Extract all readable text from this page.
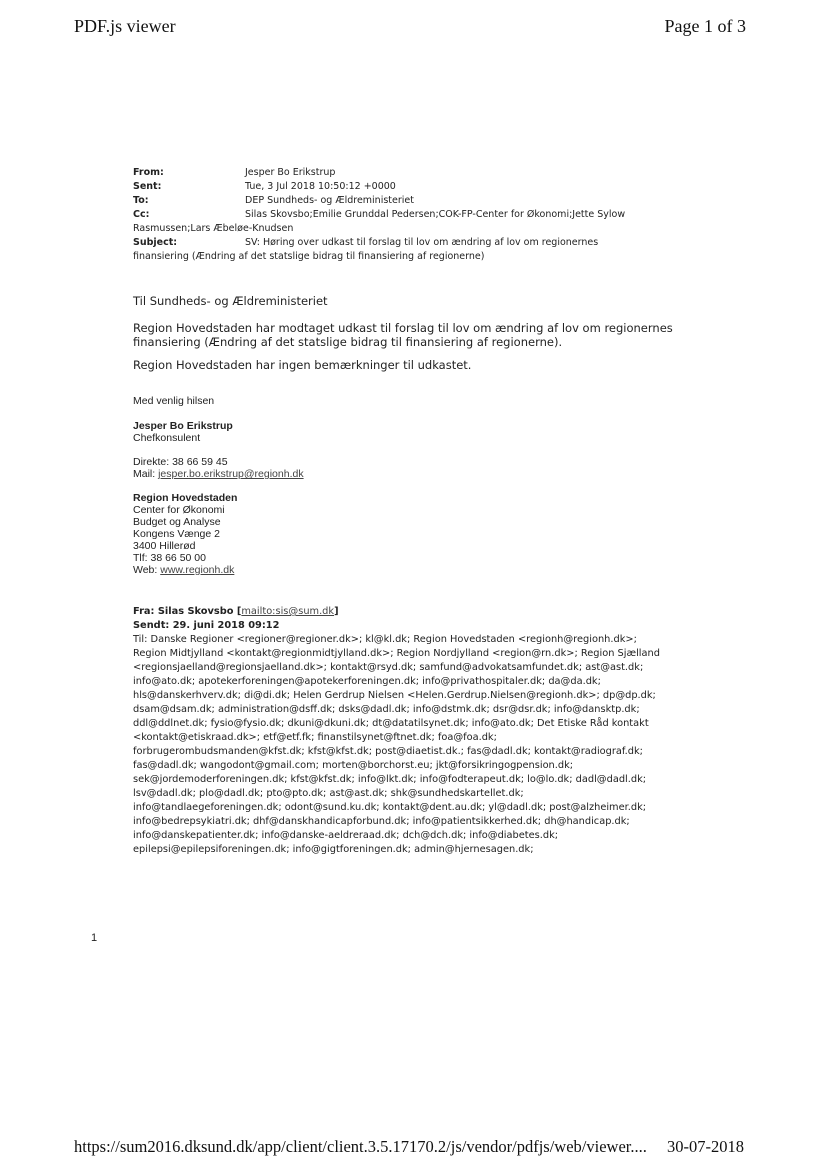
PDF.js viewer	Page 1 of 3
From:	Jesper Bo Erikstrup
Sent:	Tue, 3 Jul 2018 10:50:12 +0000
To:	DEP Sundheds- og Ældreministeriet
Cc:	Silas Skovsbo;Emilie Grunddal Pedersen;COK-FP-Center for Økonomi;Jette Sylow
Rasmussen;Lars Æbeløe-Knudsen
Subject:	SV: Høring over udkast til forslag til lov om ændring af lov om regionernes
finansiering (Ændring af det statslige bidrag til finansiering af regionerne)
Til Sundheds- og Ældreministeriet
Region Hovedstaden har modtaget udkast til forslag til lov om ændring af lov om regionernes
finansiering (Ændring af det statslige bidrag til finansiering af regionerne).
Region Hovedstaden har ingen bemærkninger til udkastet.
Med venlig hilsen
Jesper Bo Erikstrup
Chefkonsulent
Direkte: 38 66 59 45
Mail: jesper.bo.erikstrup@regionh.dk
Region Hovedstaden
Center for Økonomi
Budget og Analyse
Kongens Vænge 2
3400 Hillerød
Tlf: 38 66 50 00
Web: www.regionh.dk
Fra: Silas Skovsbo [mailto:sis@sum.dk]
Sendt: 29. juni 2018 09:12
Til: Danske Regioner <regioner@regioner.dk>; kl@kl.dk; Region Hovedstaden <regionh@regionh.dk>;
Region Midtjylland <kontakt@regionmidtjylland.dk>; Region Nordjylland <region@rn.dk>; Region Sjælland
<regionsjaelland@regionsjaelland.dk>; kontakt@rsyd.dk; samfund@advokatsamfundet.dk; ast@ast.dk;
info@ato.dk; apotekerforeningen@apotekerforeningen.dk; info@privathospitaler.dk; da@da.dk;
hls@danskerhverv.dk; di@di.dk; Helen Gerdrup Nielsen <Helen.Gerdrup.Nielsen@regionh.dk>; dp@dp.dk;
dsam@dsam.dk; administration@dsff.dk; dsks@dadl.dk; info@dstmk.dk; dsr@dsr.dk; info@dansktp.dk;
ddl@ddlnet.dk; fysio@fysio.dk; dkuni@dkuni.dk; dt@datatilsynet.dk; info@ato.dk; Det Etiske Råd kontakt
<kontakt@etiskraad.dk>; etf@etf.fk; finanstilsynet@ftnet.dk; foa@foa.dk;
forbrugerombudsmanden@kfst.dk; kfst@kfst.dk; post@diaetist.dk.; fas@dadl.dk; kontakt@radiograf.dk;
fas@dadl.dk; wangodont@gmail.com; morten@borchorst.eu; jkt@forsikringogpension.dk;
sek@jordemoderforeningen.dk; kfst@kfst.dk; info@lkt.dk; info@fodterapeut.dk; lo@lo.dk; dadl@dadl.dk;
lsv@dadl.dk; plo@dadl.dk; pto@pto.dk; ast@ast.dk; shk@sundhedskartellet.dk;
info@tandlaegeforeningen.dk; odont@sund.ku.dk; kontakt@dent.au.dk; yl@dadl.dk; post@alzheimer.dk;
info@bedrepsykiatri.dk; dhf@danskhandicapforbund.dk; info@patientsikkerhed.dk; dh@handicap.dk;
info@danskepatienter.dk; info@danske-aeldreraad.dk; dch@dch.dk; info@diabetes.dk;
epilepsi@epilepsiforeningen.dk; info@gigtforeningen.dk; admin@hjernesagen.dk;
1
https://sum2016.dksund.dk/app/client/client.3.5.17170.2/js/vendor/pdfjs/web/viewer.... 30-07-2018
